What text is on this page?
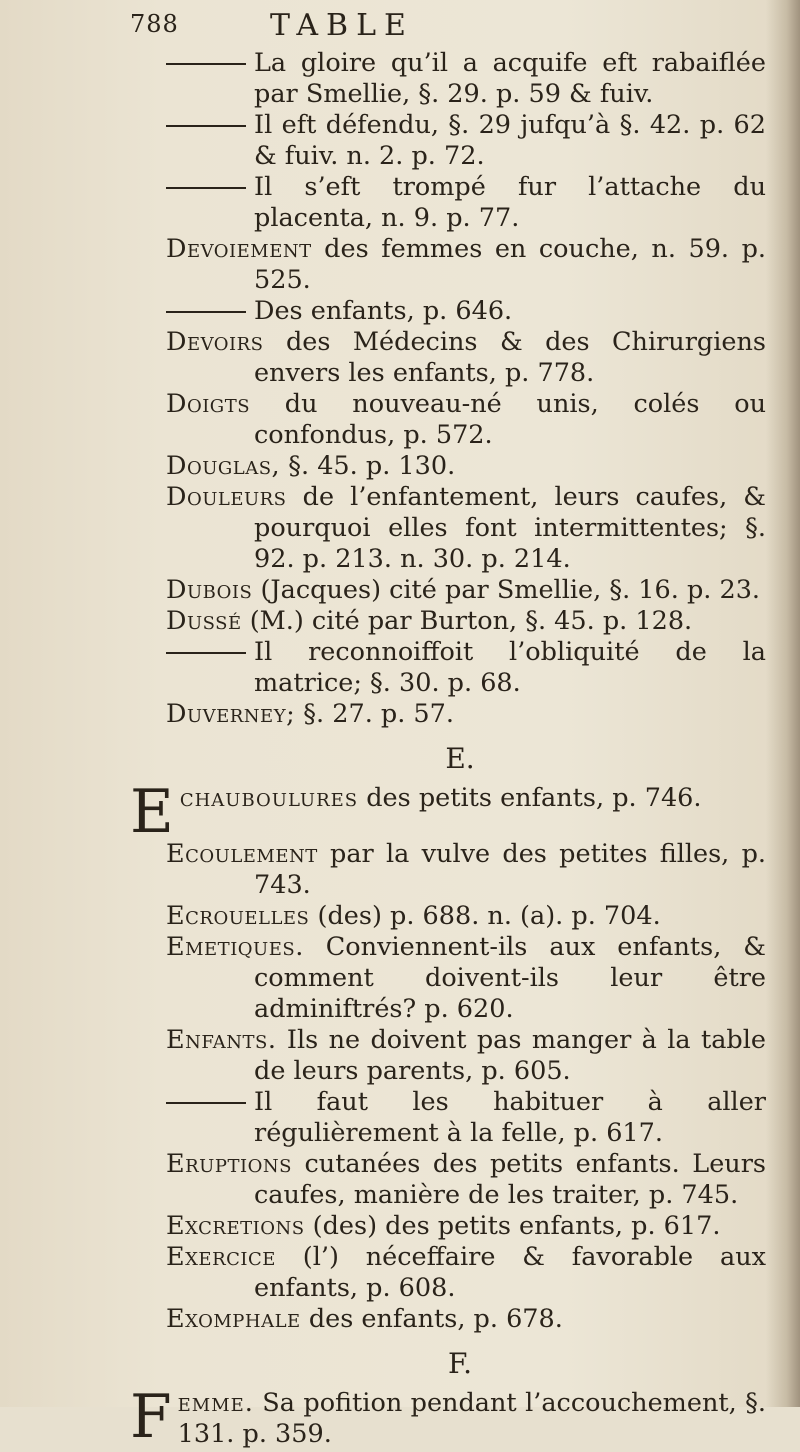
788	TABLE
La gloire qu’il a acquife eft rabaiflée par Smellie, §. 29. p. 59 & fuiv.
Il eft défendu, §. 29 jufqu’à §. 42. p. 62 & fuiv. n. 2. p. 72.
Il s’eft trompé fur l’attache du placenta, n. 9. p. 77.
Devoiement des femmes en couche, n. 59. p. 525.
Des enfants, p. 646.
Devoirs des Médecins & des Chirurgiens envers les enfants, p. 778.
Doigts du nouveau-né unis, colés ou confondus, p. 572.
Douglas, §. 45. p. 130.
Douleurs de l’enfantement, leurs caufes, & pourquoi elles font intermittentes; §. 92. p. 213. n. 30. p. 214.
Dubois (Jacques) cité par Smellie, §. 16. p. 23.
Dussé (M.) cité par Burton, §. 45. p. 128.
Il reconnoiffoit l’obliquité de la matrice; §. 30. p. 68.
Duverney; §. 27. p. 57.
E.
E chauboulures des petits enfants, p. 746.
Ecoulement par la vulve des petites filles, p. 743.
Ecrouelles (des) p. 688. n. (a). p. 704.
Emetiques. Conviennent-ils aux enfants, & comment doivent-ils leur être adminiftrés? p. 620.
Enfants. Ils ne doivent pas manger à la table de leurs parents, p. 605.
Il faut les habituer à aller régulièrement à la felle, p. 617.
Eruptions cutanées des petits enfants. Leurs caufes, manière de les traiter, p. 745.
Excretions (des) des petits enfants, p. 617.
Exercice (l’) néceffaire & favorable aux enfants, p. 608.
Exomphale des enfants, p. 678.
F.
F emme. Sa pofition pendant l’accouchement, §. 131. p. 359.
